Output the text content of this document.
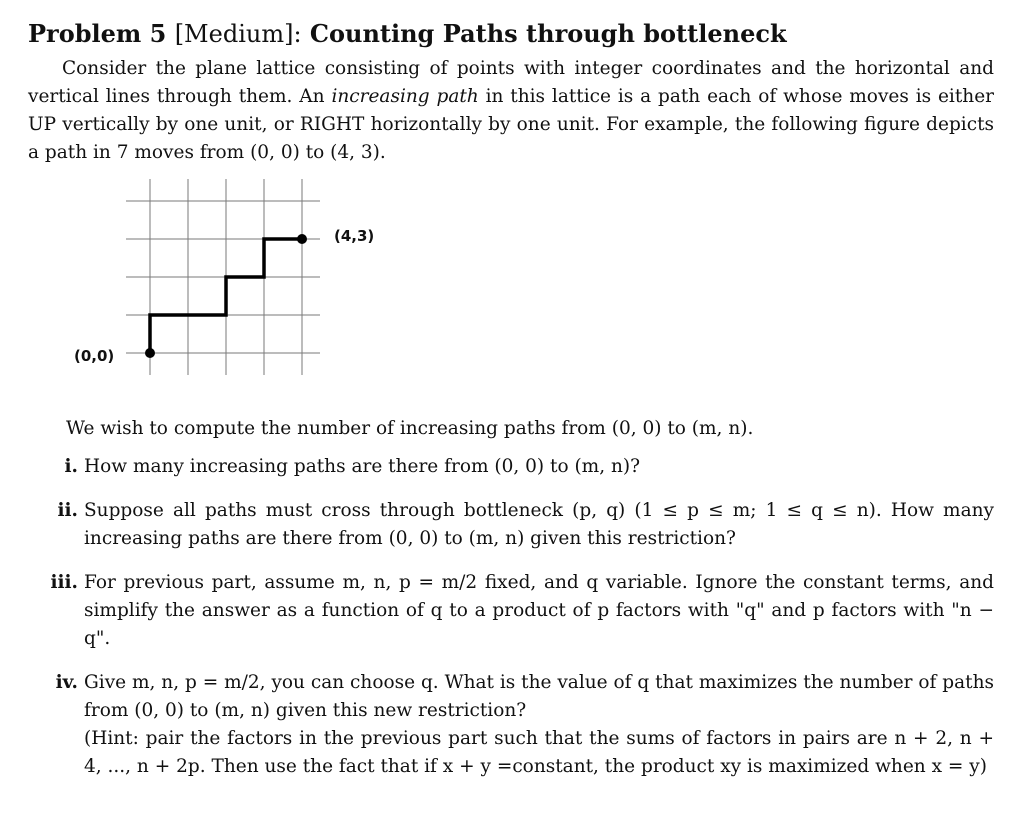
Problem 5 [Medium]: Counting Paths through bottleneck

Consider the plane lattice consisting of points with integer coordinates and the horizontal and vertical lines through them. An increasing path in this lattice is a path each of whose moves is either UP vertically by one unit, or RIGHT horizontally by one unit. For example, the following figure depicts a path in 7 moves from (0, 0) to (4, 3).

(0,0)
(4,3)
We wish to compute the number of increasing paths from (0, 0) to (m, n).
i. How many increasing paths are there from (0, 0) to (m, n)?
ii. Suppose all paths must cross through bottleneck (p, q) (1 ≤ p ≤ m; 1 ≤ q ≤ n). How many increasing paths are there from (0, 0) to (m, n) given this restriction?
iii. For previous part, assume m, n, p = m/2 fixed, and q variable. Ignore the constant terms, and simplify the answer as a function of q to a product of p factors with "q" and p factors with "n − q".
iv. Give m, n, p = m/2, you can choose q. What is the value of q that maximizes the number of paths from (0, 0) to (m, n) given this new restriction?
(Hint: pair the factors in the previous part such that the sums of factors in pairs are n + 2, n + 4, ..., n + 2p. Then use the fact that if x + y =constant, the product xy is maximized when x = y)
